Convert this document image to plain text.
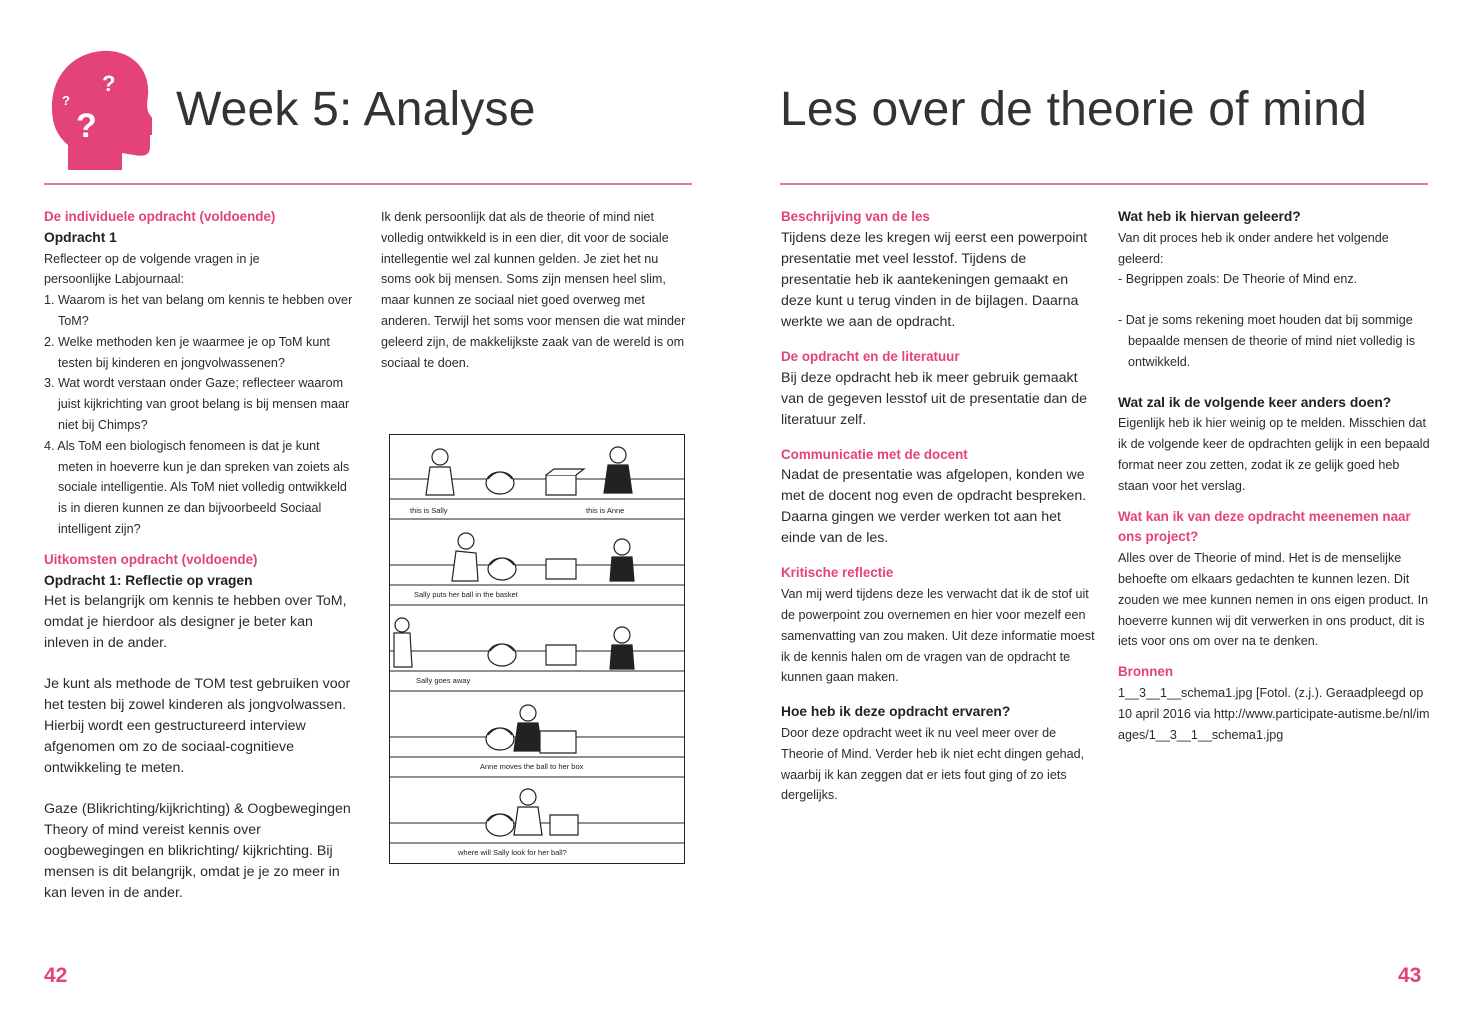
?
?
? Week 5: Analyse

De individuele opdracht (voldoende)

Opdracht 1

Reflecteer op de volgende vragen in je

persoonlijke Labjournaal:

1. Waarom is het van belang om kennis te hebben over ToM?

2. Welke methoden ken je waarmee je op ToM kunt testen bij kinderen en jongvolwassenen?

3. Wat wordt verstaan onder Gaze; reflecteer waarom juist kijkrichting van groot belang is bij mensen maar niet bij Chimps?

4. Als ToM een biologisch fenomeen is dat je kunt meten in hoeverre kun je dan spreken van zoiets als sociale intelligentie. Als ToM niet volledig ontwikkeld is in dieren kunnen ze dan bijvoorbeeld Sociaal intelligent zijn?

Uitkomsten opdracht (voldoende)

Opdracht 1: Reflectie op vragen

Het is belangrijk om kennis te hebben over ToM, omdat je hierdoor als designer je beter kan inleven in de ander.

Je kunt als methode de TOM test gebruiken voor het testen bij zowel kinderen als jongvolwassen. Hierbij wordt een gestructureerd interview afgenomen om zo de sociaal-cognitieve ontwikkeling te meten.

Gaze (Blikrichting/kijkrichting) & Oogbewegingen Theory of mind vereist kennis over oogbewegingen en blikrichting/ kijkrichting. Bij mensen is dit belangrijk, omdat je je zo meer in kan leven in de ander.

Ik denk persoonlijk dat als de theorie of mind niet volledig ontwikkeld is in een dier, dit voor de sociale intellegentie wel zal kunnen gelden. Je ziet het nu soms ook bij mensen. Soms zijn mensen heel slim, maar kunnen ze sociaal niet goed overweg met anderen. Terwijl het soms voor mensen die wat minder geleerd zijn, de makkelijkste zaak van de wereld is om sociaal te doen.

this is Sally	this is Anne
Sally puts her ball in the basket
Sally goes away
Anne moves the ball to her box
where will Sally look for her ball?
42
Les over de theorie of mind

Beschrijving van de les

Tijdens deze les kregen wij eerst een powerpoint presentatie met veel lesstof. Tijdens de presentatie heb ik aantekeningen gemaakt en deze kunt u terug vinden in de bijlagen. Daarna werkte we aan de opdracht.

De opdracht en de literatuur

Bij deze opdracht heb ik meer gebruik gemaakt van de gegeven lesstof uit de presentatie dan de literatuur zelf.

Communicatie met de docent

Nadat de presentatie was afgelopen, konden we met de docent nog even de opdracht bespreken. Daarna gingen we verder werken tot aan het einde van de les.

Kritische reflectie

Van mij werd tijdens deze les verwacht dat ik de stof uit de powerpoint zou overnemen en hier voor mezelf een samenvatting van zou maken. Uit deze informatie moest ik de kennis halen om de vragen van de opdracht te kunnen gaan maken.

Hoe heb ik deze opdracht ervaren?

Door deze opdracht weet ik nu veel meer over de Theorie of Mind. Verder heb ik niet echt dingen gehad, waarbij ik kan zeggen dat er iets fout ging of zo iets dergelijks.

Wat heb ik hiervan geleerd?

Van dit proces heb ik onder andere het volgende geleerd:

- Begrippen zoals: De Theorie of Mind enz.

- Dat je soms rekening moet houden dat bij sommige bepaalde mensen de theorie of mind niet volledig is ontwikkeld.

Wat zal ik de volgende keer anders doen?

Eigenlijk heb ik hier weinig op te melden. Misschien dat ik de volgende keer de opdrachten gelijk in een bepaald format neer zou zetten, zodat ik ze gelijk goed heb staan voor het verslag.

Wat kan ik van deze opdracht meenemen naar ons project?

Alles over de Theorie of mind. Het is de menselijke behoefte om elkaars gedachten te kunnen lezen. Dit zouden we mee kunnen nemen in ons eigen product. In hoeverre kunnen wij dit verwerken in ons product, dit is iets voor ons om over na te denken.

Bronnen

1__3__1__schema1.jpg [Fotol. (z.j.). Geraadpleegd op 10 april 2016 via http://www.participate-autisme.be/nl/images/1__3__1__schema1.jpg

43
